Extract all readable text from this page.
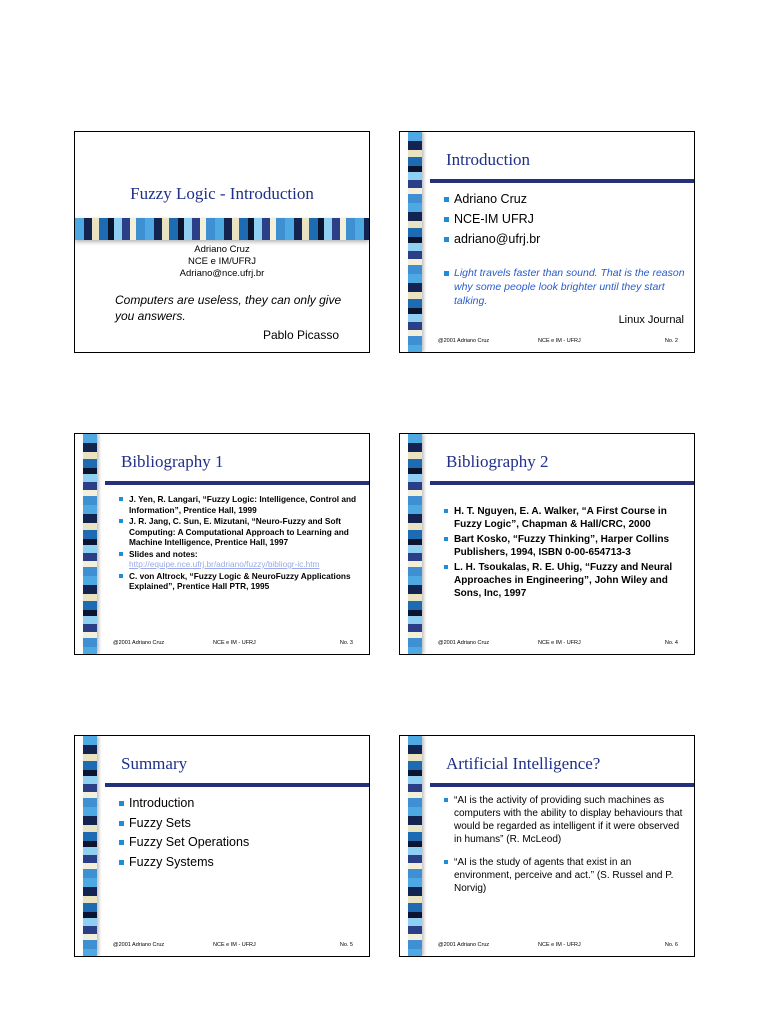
Fuzzy Logic - Introduction
Adriano Cruz
NCE e IM/UFRJ
Adriano@nce.ufrj.br
Computers are useless, they can only give you answers.
Pablo Picasso
Introduction
Adriano Cruz
NCE-IM UFRJ
adriano@ufrj.br
Light travels faster than sound. That is the reason why some people look brighter until they start talking.
Linux Journal
@2001 Adriano Cruz	NCE e IM - UFRJ	No. 2
Bibliography 1
J. Yen, R. Langari, “Fuzzy Logic: Intelligence, Control and Information”, Prentice Hall, 1999
J. R. Jang, C. Sun, E. Mizutani, “Neuro-Fuzzy and Soft Computing: A Computational Approach to Learning and Machine Intelligence, Prentice Hall, 1997
Slides and notes:
http://equipe.nce.ufrj.br/adriano/fuzzy/bibliogr-ic.htm
C. von Altrock, “Fuzzy Logic & NeuroFuzzy Applications Explained”, Prentice Hall PTR, 1995
@2001 Adriano Cruz	NCE e IM - UFRJ	No. 3
Bibliography 2
H. T. Nguyen, E. A. Walker, “A First Course in Fuzzy Logic”, Chapman & Hall/CRC, 2000
Bart Kosko, “Fuzzy Thinking”, Harper Collins Publishers, 1994, ISBN 0-00-654713-3
L. H. Tsoukalas, R. E. Uhig, “Fuzzy and Neural Approaches in Engineering”, John Wiley and Sons, Inc, 1997
@2001 Adriano Cruz	NCE e IM - UFRJ	No. 4
Summary
Introduction
Fuzzy Sets
Fuzzy Set Operations
Fuzzy Systems
@2001 Adriano Cruz	NCE e IM - UFRJ	No. 5
Artificial Intelligence?
“AI is the activity of providing such machines as computers with the ability to display behaviours that would be regarded as intelligent if it were observed in humans” (R. McLeod)
“AI is the study of agents that exist in an environment, perceive and act.” (S. Russel and P. Norvig)
@2001 Adriano Cruz	NCE e IM - UFRJ	No. 6
